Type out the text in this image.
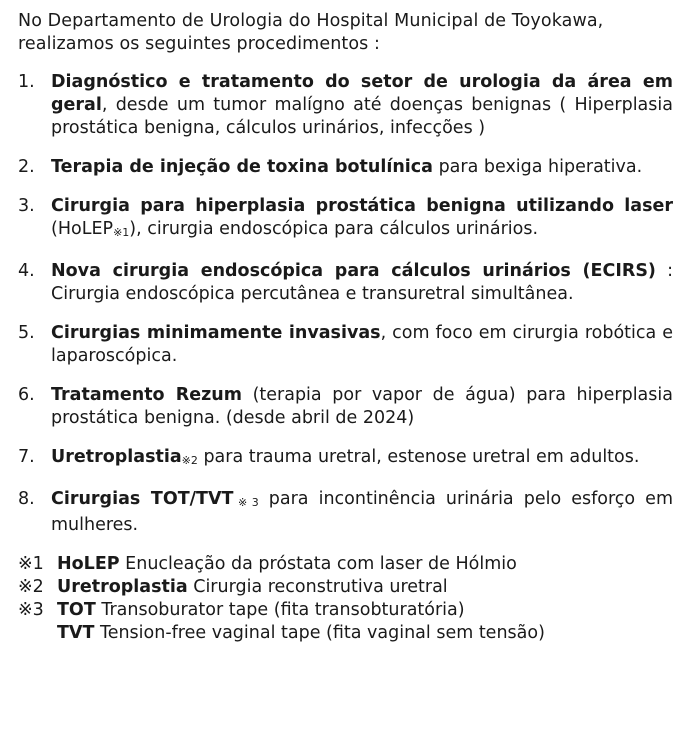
No Departamento de Urologia do Hospital Municipal de Toyokawa, realizamos os seguintes procedimentos :

1. Diagnóstico e tratamento do setor de urologia da área em geral, desde um tumor malígno até doenças benignas ( Hiperplasia prostática benigna, cálculos urinários, infecções )
2. Terapia de injeção de toxina botulínica para bexiga hiperativa.
3. Cirurgia para hiperplasia prostática benigna utilizando laser (HoLEP※1), cirurgia endoscópica para cálculos urinários.
4. Nova cirurgia endoscópica para cálculos urinários (ECIRS) : Cirurgia endoscópica percutânea e transuretral simultânea.
5. Cirurgias minimamente invasivas, com foco em cirurgia robótica e laparoscópica.
6. Tratamento Rezum (terapia por vapor de água) para hiperplasia prostática benigna. (desde abril de 2024)
7. Uretroplastia※2 para trauma uretral, estenose uretral em adultos.
8. Cirurgias TOT/TVT※3 para incontinência urinária pelo esforço em mulheres.
※1 HoLEP Enucleação da próstata com laser de Hólmio
※2 Uretroplastia Cirurgia reconstrutiva uretral
※3 TOT Transoburator tape (fita transobturatória)
TVT Tension-free vaginal tape (fita vaginal sem tensão)
